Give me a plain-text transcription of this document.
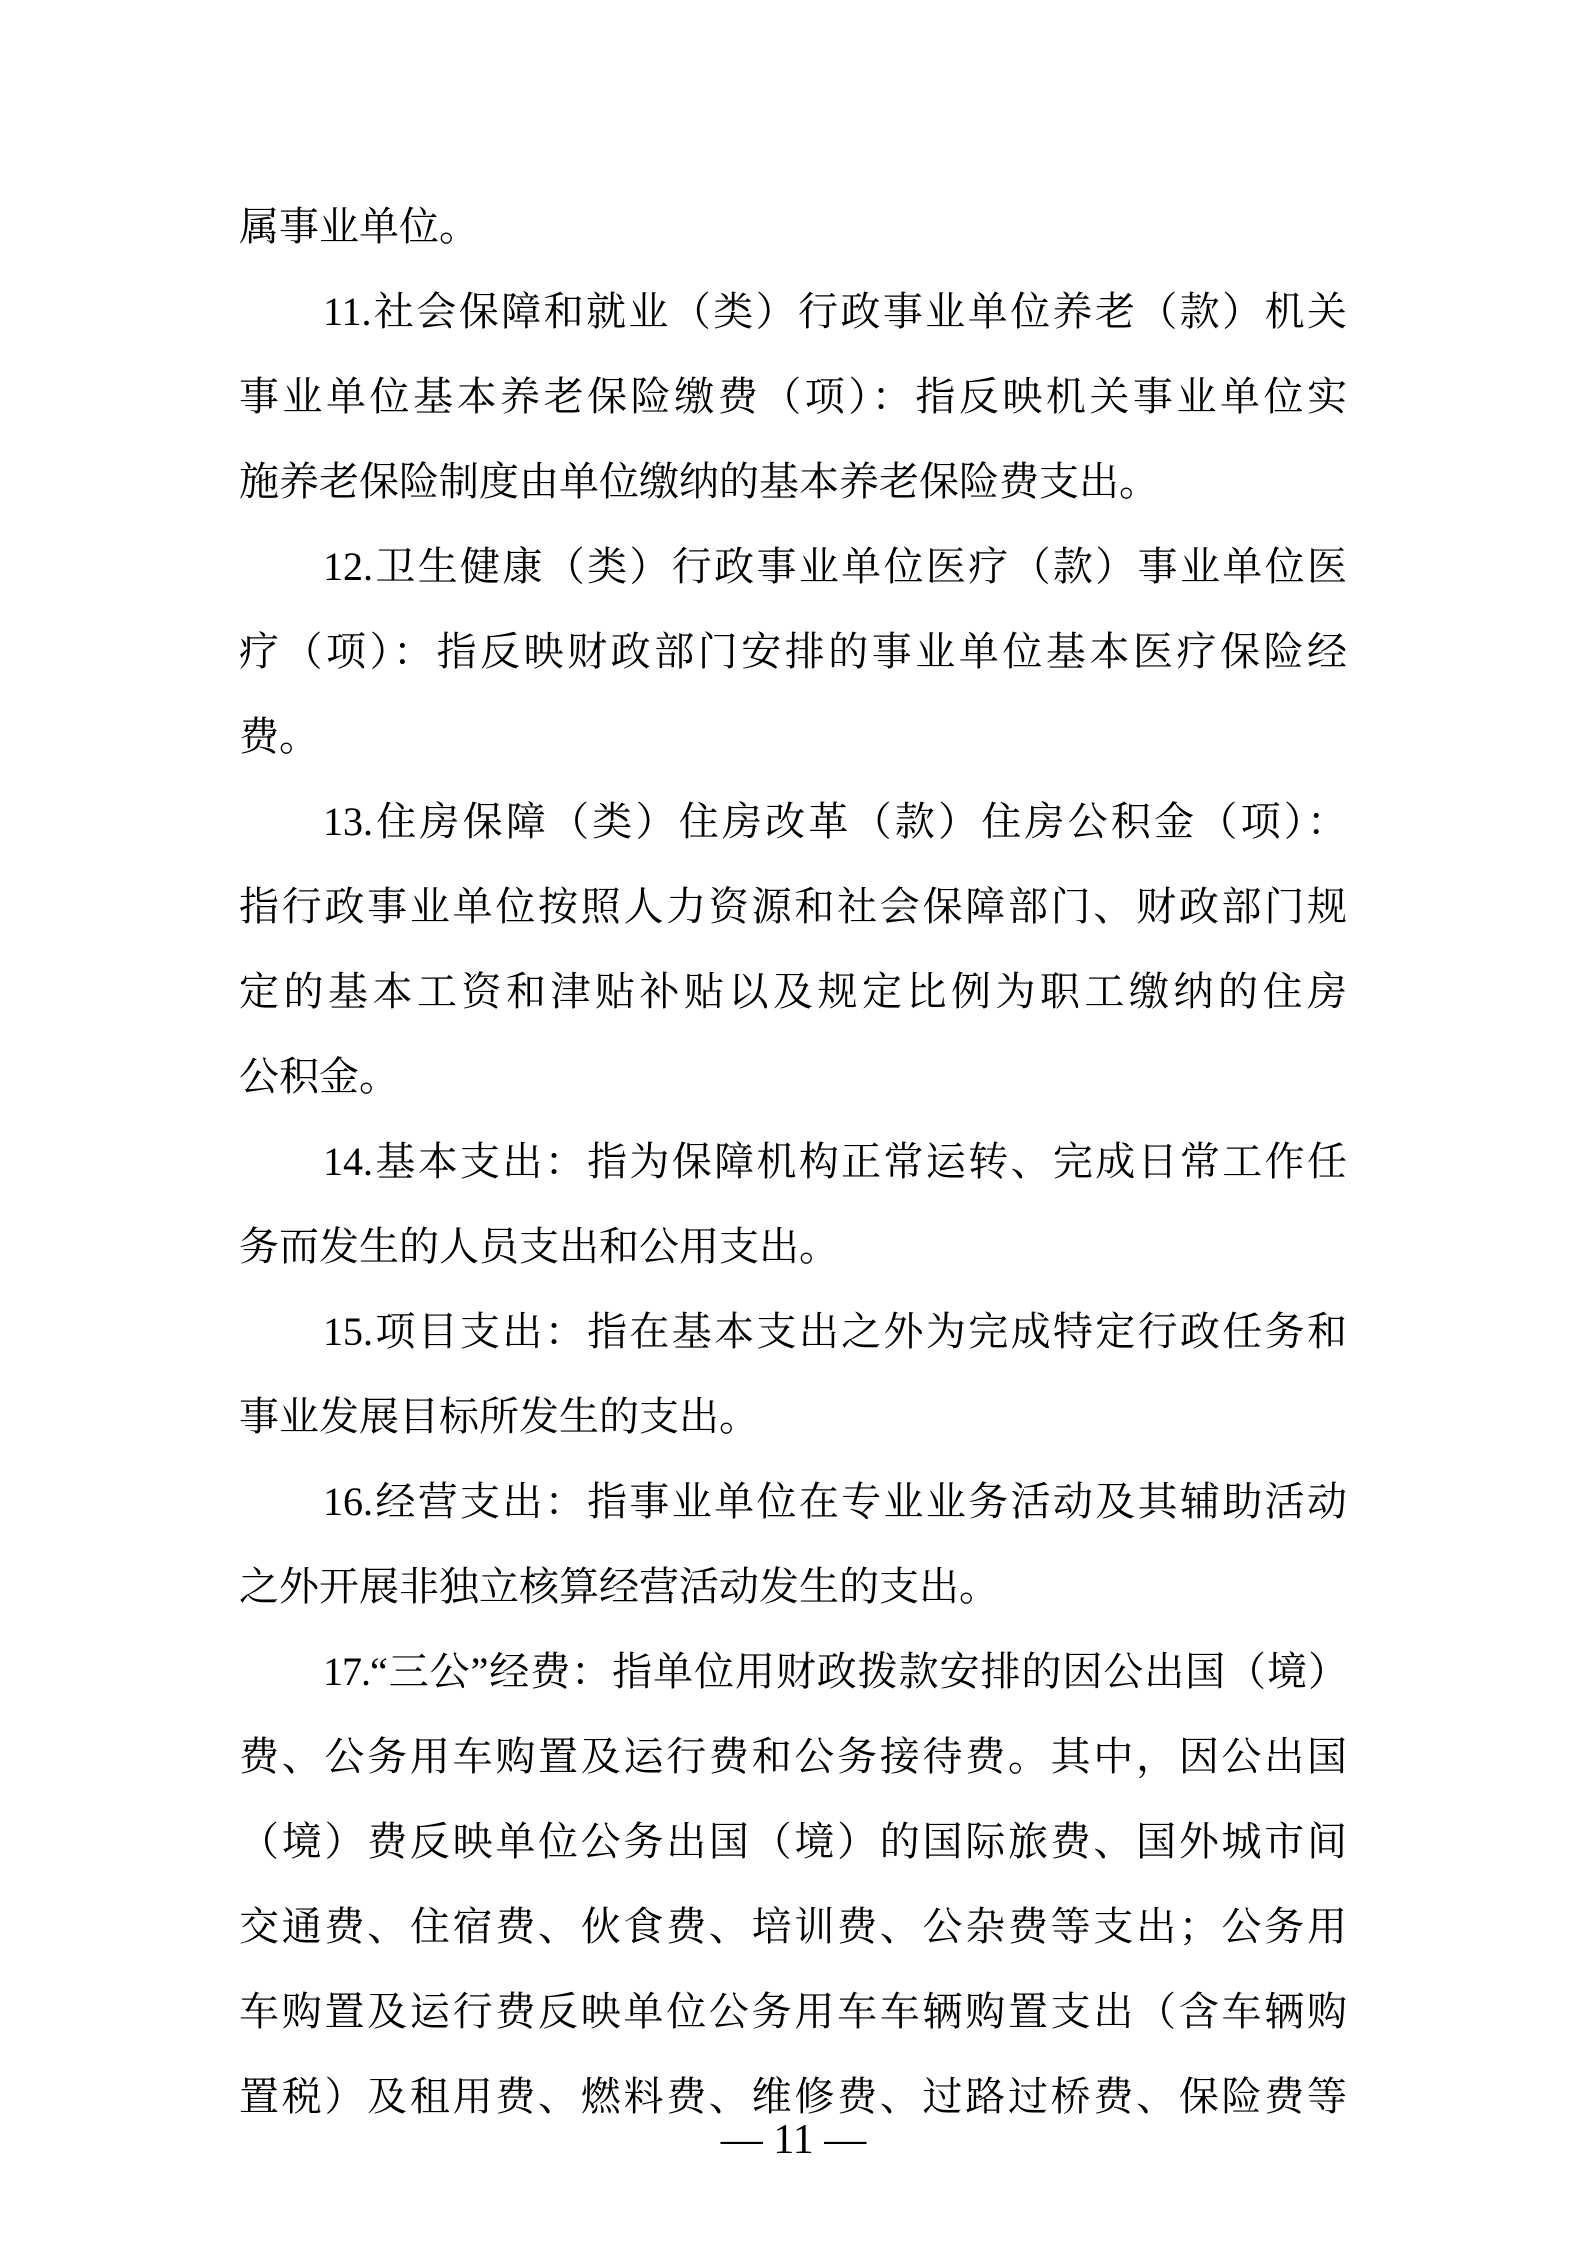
属事业单位。
11.社会保障和就业（类）行政事业单位养老（款）机关
事业单位基本养老保险缴费（项）：指反映机关事业单位实
施养老保险制度由单位缴纳的基本养老保险费支出。
12.卫生健康（类）行政事业单位医疗（款）事业单位医
疗（项）：指反映财政部门安排的事业单位基本医疗保险经
费。
13.住房保障（类）住房改革（款）住房公积金（项）：
指行政事业单位按照人力资源和社会保障部门、财政部门规
定的基本工资和津贴补贴以及规定比例为职工缴纳的住房
公积金。
14.基本支出：指为保障机构正常运转、完成日常工作任
务而发生的人员支出和公用支出。
15.项目支出：指在基本支出之外为完成特定行政任务和
事业发展目标所发生的支出。
16.经营支出：指事业单位在专业业务活动及其辅助活动
之外开展非独立核算经营活动发生的支出。
17.“三公”经费：指单位用财政拨款安排的因公出国（境）
费、公务用车购置及运行费和公务接待费。其中，因公出国
（境）费反映单位公务出国（境）的国际旅费、国外城市间
交通费、住宿费、伙食费、培训费、公杂费等支出；公务用
车购置及运行费反映单位公务用车车辆购置支出（含车辆购
置税）及租用费、燃料费、维修费、过路过桥费、保险费等
— 11 —
